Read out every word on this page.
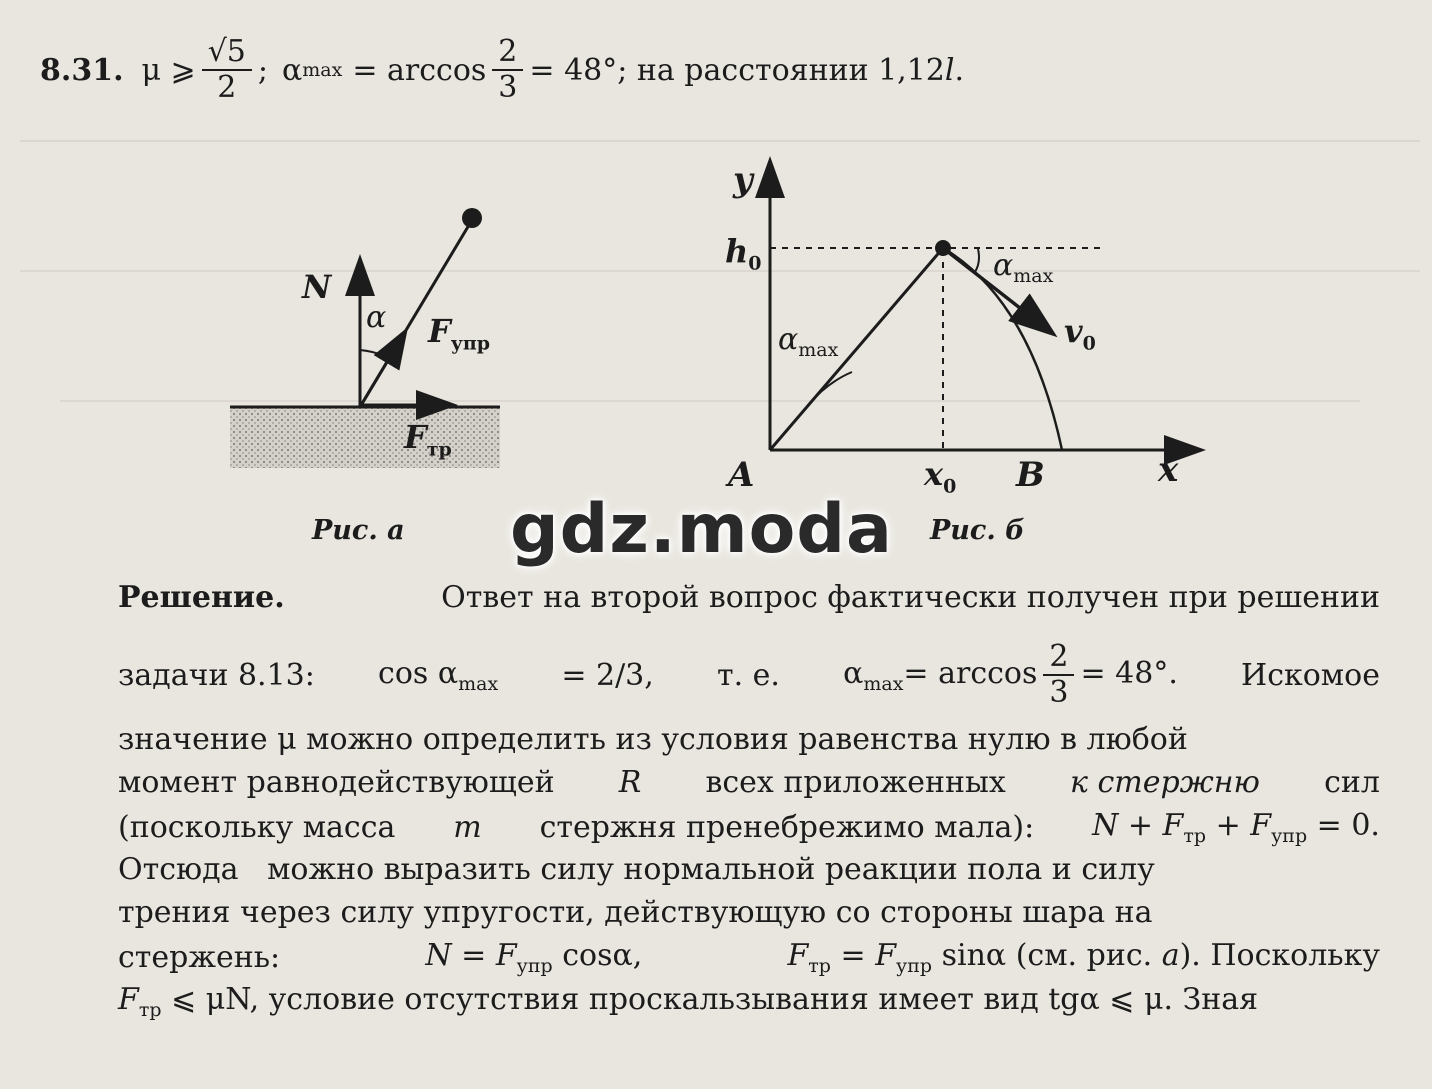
8.31. μ ⩾ $\frac{√5}{2}$ ; α $\max = \arccos \frac{2}{3} = 48^\circ$; на расстоянии 1,12 l .
N
α $F_{упр}$
$F_{тр}$
Рис. а
y
x
$h_0$	$\alpha_{max}$
$v_0$
$\alpha_{max}$
A	$x_0$ B
Рис. б
gdz.moda
Решение.	Ответ на второй вопрос фактически получен при решении
задачи 8.13: $\cos \alpha_{max} = 2/3$, т. е. $\alpha_{max}= \arccos \frac{2}{3} = 48^\circ$. Искомое
значение μ можно определить из условия равенства нулю в любой
момент равнодействующей R всех приложенных к стержню сил
(поскольку масса m стержня пренебрежимо мала): $N + F_{тр} + F_{упр} = 0$.
Отсюда   можно выразить силу нормальной реакции пола и силу
трения через силу упругости, действующую со стороны шара на
стержень:	$N = F_{упр}$ cosα,	$F_{тр} = F_{упр}$ sinα (см. рис. а). Поскольку
$F_{тр}$ ⩽ μN, условие отсутствия проскальзывания имеет вид tgα ⩽ μ. Зная
